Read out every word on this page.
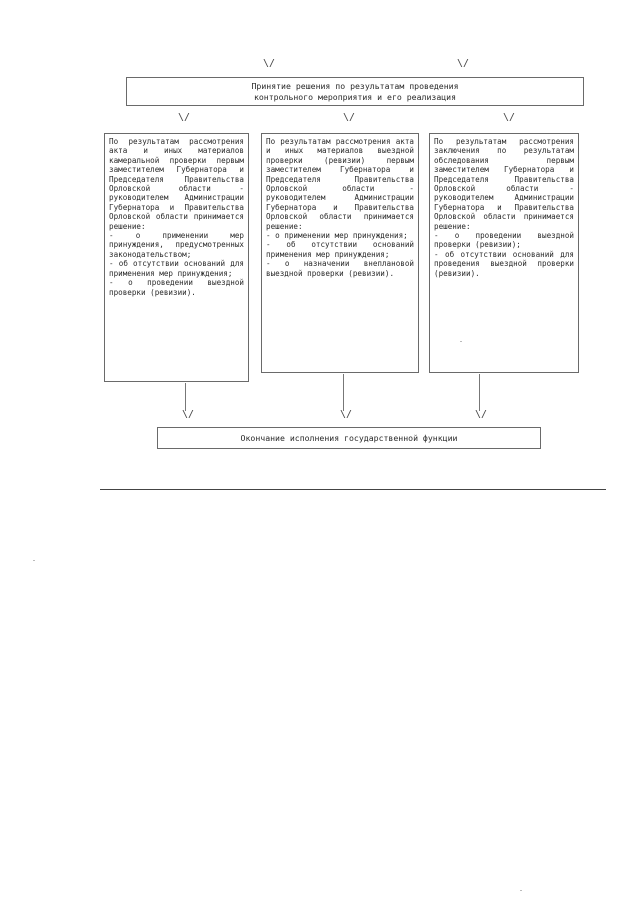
\/	\/
Принятие решения по результатам проведения
контрольного мероприятия и его реализация
\/	\/	\/
По результатам рассмотрения акта и иных материалов камеральной проверки первым заместителем Губернатора и Председателя Правительства Орловской области - руководителем Администрации Губернатора и Правительства Орловской области принимается решение:
- о применении мер принуждения, предусмотренных законодательством;
- об отсутствии оснований для применения мер принуждения;
- о проведении выездной проверки (ревизии).
По результатам рассмотрения акта и иных материалов выездной проверки (ревизии) первым заместителем Губернатора и Председателя Правительства Орловской области - руководителем Администрации Губернатора и Правительства Орловской области принимается решение:
- о применении мер принуждения;
- об отсутствии оснований применения мер принуждения;
- о назначении внеплановой выездной проверки (ревизии).
По результатам рассмотрения заключения по результатам обследования первым заместителем Губернатора и Председателя Правительства Орловской области - руководителем Администрации Губернатора и Правительства Орловской области принимается решение:
- о проведении выездной проверки (ревизии);
- об отсутствии оснований для проведения выездной проверки (ревизии).
\/	\/	\/
Окончание исполнения государственной функции
